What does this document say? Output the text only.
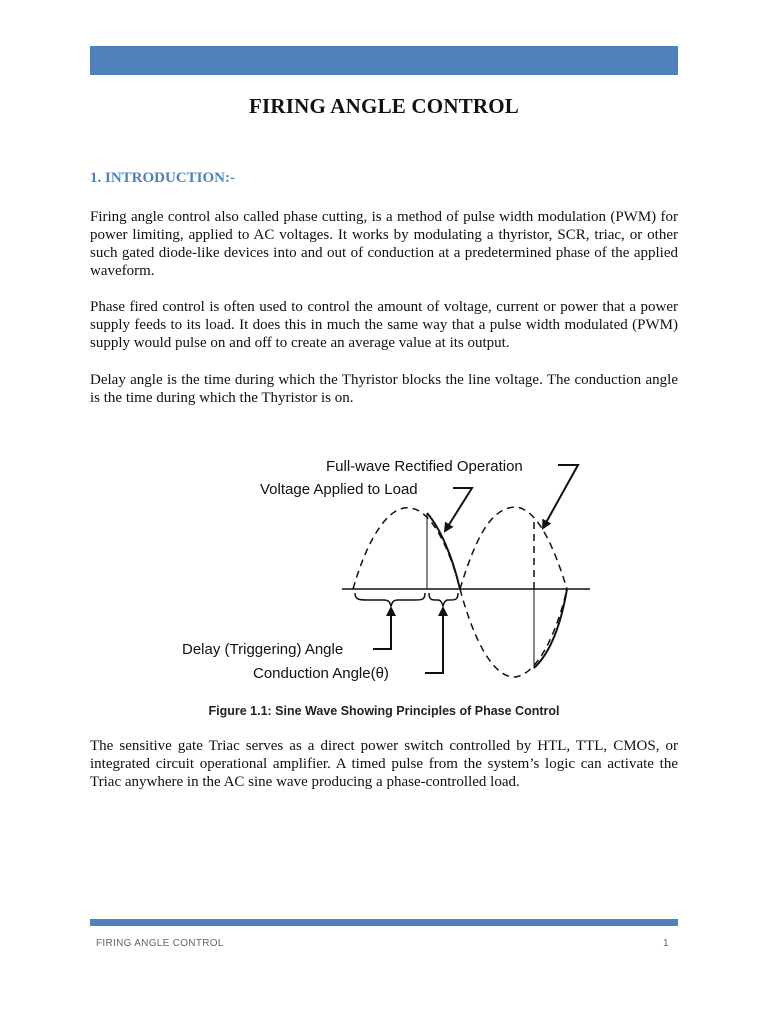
FIRING ANGLE CONTROL
1. INTRODUCTION:-

Firing angle control also called phase cutting, is a method of pulse width modulation (PWM) for power limiting, applied to AC voltages. It works by modulating a thyristor, SCR, triac, or other such gated diode-like devices into and out of conduction at a predetermined phase of the applied waveform.

Phase fired control is often used to control the amount of voltage, current or power that a power supply feeds to its load. It does this in much the same way that a pulse width modulated (PWM) supply would pulse on and off to create an average value at its output.

Delay angle is the time during which the Thyristor blocks the line voltage. The conduction angle is the time during which the Thyristor is on.

Full-wave Rectified Operation
Voltage Applied to Load
Delay (Triggering) Angle
Conduction Angle(θ)
Figure 1.1: Sine Wave Showing Principles of Phase Control

The sensitive gate Triac serves as a direct power switch controlled by HTL, TTL, CMOS, or integrated circuit operational amplifier. A timed pulse from the system’s logic can activate the Triac anywhere in the AC sine wave producing a phase-controlled load.

FIRING ANGLE CONTROL	1
